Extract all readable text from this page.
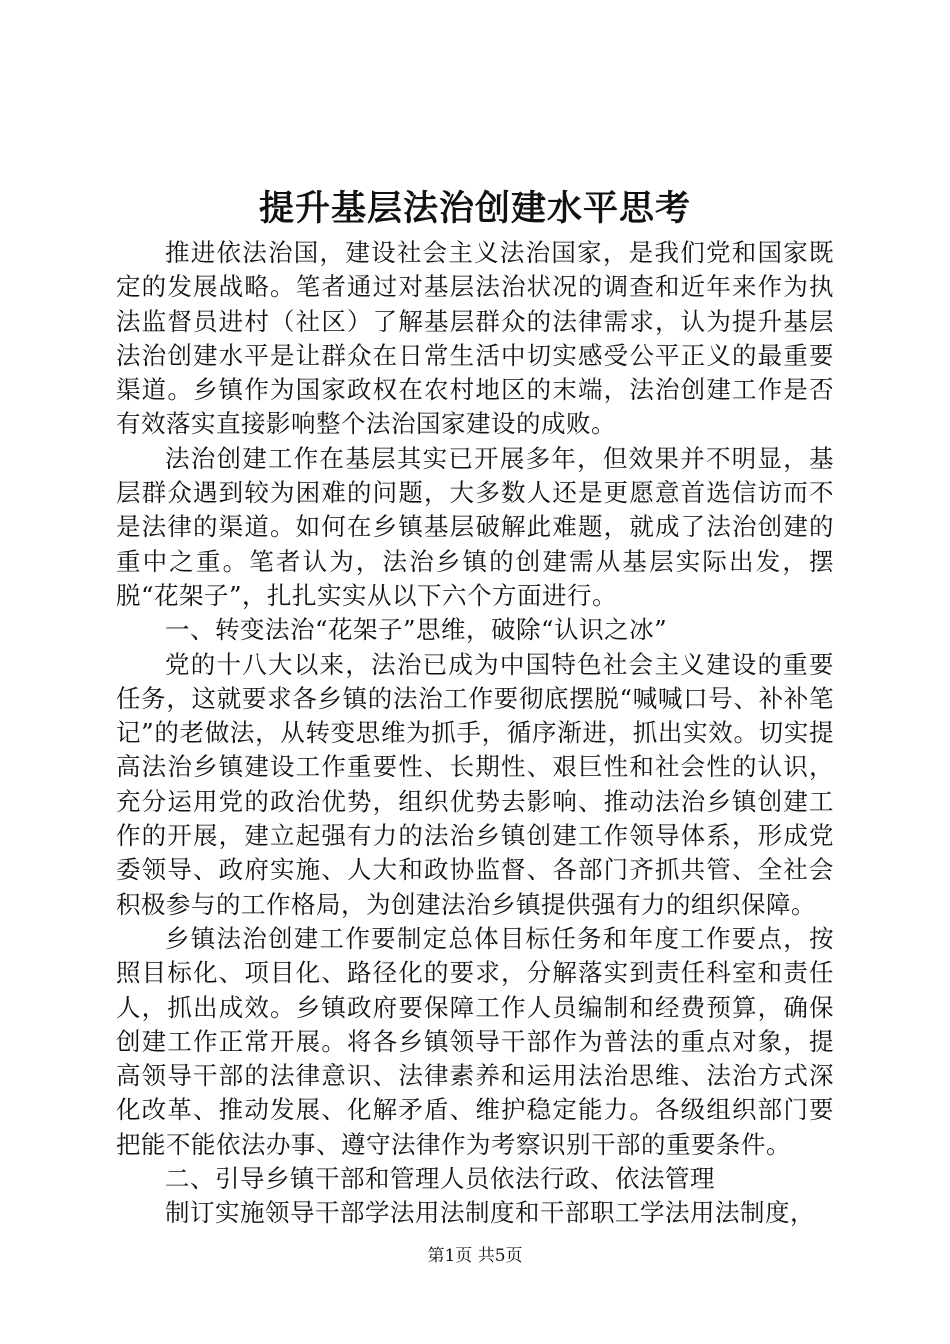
提升基层法治创建水平思考

推进依法治国，建设社会主义法治国家，是我们党和国家既定的发展战略。笔者通过对基层法治状况的调查和近年来作为执法监督员进村（社区）了解基层群众的法律需求，认为提升基层法治创建水平是让群众在日常生活中切实感受公平正义的最重要渠道。乡镇作为国家政权在农村地区的末端，法治创建工作是否有效落实直接影响整个法治国家建设的成败。

法治创建工作在基层其实已开展多年，但效果并不明显，基层群众遇到较为困难的问题，大多数人还是更愿意首选信访而不是法律的渠道。如何在乡镇基层破解此难题，就成了法治创建的重中之重。笔者认为，法治乡镇的创建需从基层实际出发，摆脱“花架子”，扎扎实实从以下六个方面进行。

一、转变法治“花架子”思维，破除“认识之冰”

党的十八大以来，法治已成为中国特色社会主义建设的重要任务，这就要求各乡镇的法治工作要彻底摆脱“喊喊口号、补补笔记”的老做法，从转变思维为抓手，循序渐进，抓出实效。切实提高法治乡镇建设工作重要性、长期性、艰巨性和社会性的认识，充分运用党的政治优势，组织优势去影响、推动法治乡镇创建工作的开展，建立起强有力的法治乡镇创建工作领导体系，形成党委领导、政府实施、人大和政协监督、各部门齐抓共管、全社会积极参与的工作格局，为创建法治乡镇提供强有力的组织保障。

乡镇法治创建工作要制定总体目标任务和年度工作要点，按照目标化、项目化、路径化的要求，分解落实到责任科室和责任人，抓出成效。乡镇政府要保障工作人员编制和经费预算，确保创建工作正常开展。将各乡镇领导干部作为普法的重点对象，提高领导干部的法律意识、法律素养和运用法治思维、法治方式深化改革、推动发展、化解矛盾、维护稳定能力。各级组织部门要把能不能依法办事、遵守法律作为考察识别干部的重要条件。

二、引导乡镇干部和管理人员依法行政、依法管理

制订实施领导干部学法用法制度和干部职工学法用法制度，

第1页 共5页
